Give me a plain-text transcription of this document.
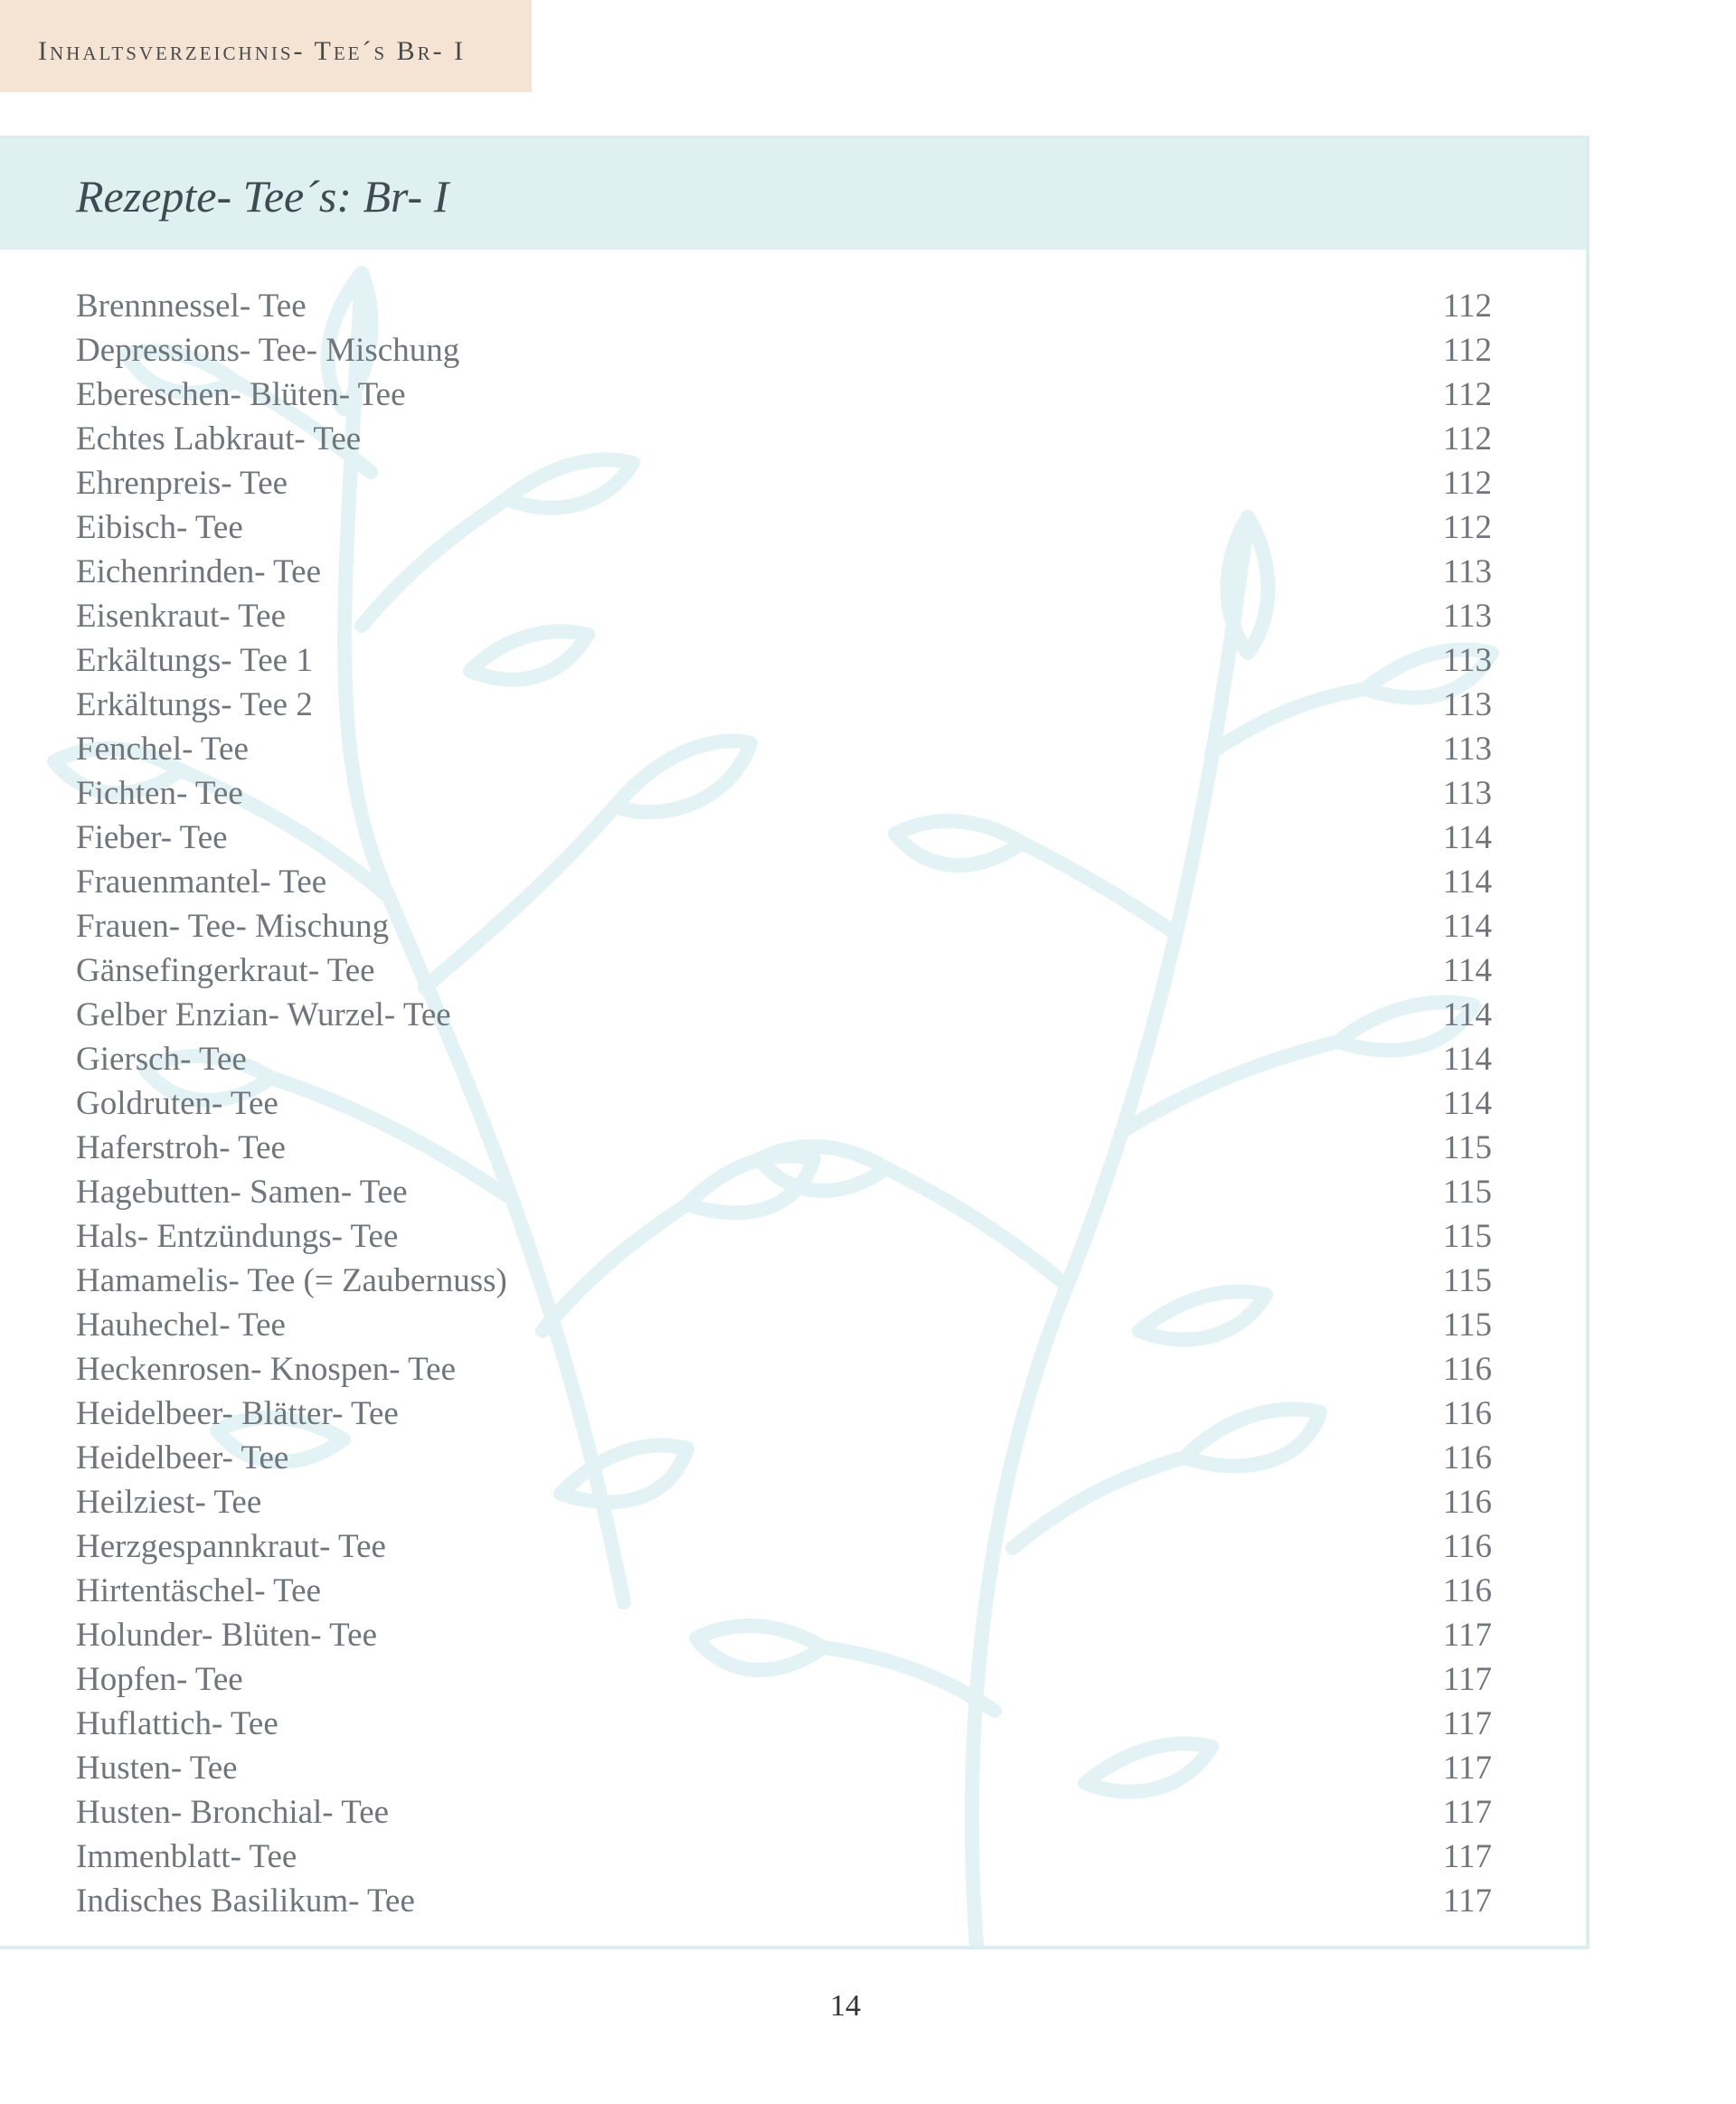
Inhaltsverzeichnis- Tee´s Br- I
Rezepte- Tee´s: Br- I
Brennnessel- Tee	112
Depressions- Tee- Mischung	112
Ebereschen- Blüten- Tee	112
Echtes Labkraut- Tee	112
Ehrenpreis- Tee	112
Eibisch- Tee	112
Eichenrinden- Tee	113
Eisenkraut- Tee	113
Erkältungs- Tee 1	113
Erkältungs- Tee 2	113
Fenchel- Tee	113
Fichten- Tee	113
Fieber- Tee	114
Frauenmantel- Tee	114
Frauen- Tee- Mischung	114
Gänsefingerkraut- Tee	114
Gelber Enzian- Wurzel- Tee	114
Giersch- Tee	114
Goldruten- Tee	114
Haferstroh- Tee	115
Hagebutten- Samen- Tee	115
Hals- Entzündungs- Tee	115
Hamamelis- Tee (= Zaubernuss)	115
Hauhechel- Tee	115
Heckenrosen- Knospen- Tee	116
Heidelbeer- Blätter- Tee	116
Heidelbeer- Tee	116
Heilziest- Tee	116
Herzgespannkraut- Tee	116
Hirtentäschel- Tee	116
Holunder- Blüten- Tee	117
Hopfen- Tee	117
Huflattich- Tee	117
Husten- Tee	117
Husten- Bronchial- Tee	117
Immenblatt- Tee	117
Indisches Basilikum- Tee	117
14
